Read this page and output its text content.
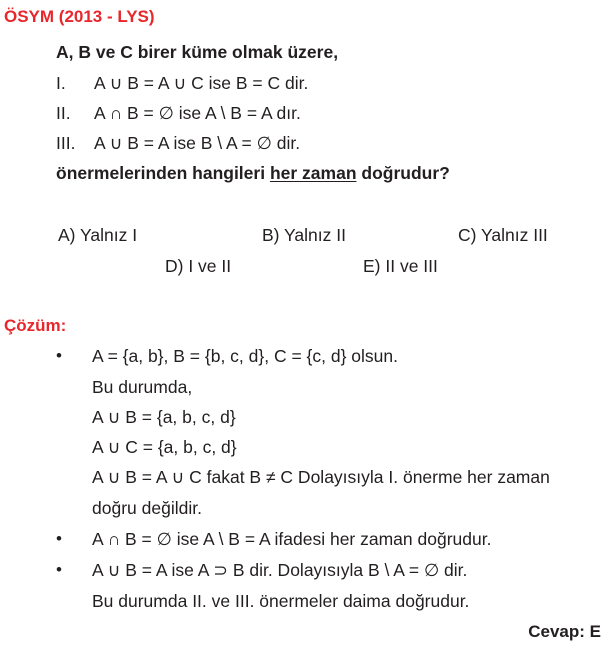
ÖSYM (2013 - LYS)
A, B ve C birer küme olmak üzere,
I. A ∪ B = A ∪ C ise B = C dir.
II. A ∩ B = ∅ ise A \ B = A dır.
III. A ∪ B = A ise B \ A = ∅ dir.
önermelerinden hangileri her zaman doğrudur?
A) Yalnız I	B) Yalnız II	C) Yalnız III
D) I ve II	E) II ve III
Çözüm:
• A = {a, b}, B = {b, c, d}, C = {c, d} olsun.
Bu durumda,
A ∪ B = {a, b, c, d}
A ∪ C = {a, b, c, d}
A ∪ B = A ∪ C fakat B ≠ C Dolayısıyla I. önerme her zaman
doğru değildir.
• A ∩ B = ∅ ise A \ B = A ifadesi her zaman doğrudur.
• A ∪ B = A ise A ⊃ B dir. Dolayısıyla B \ A = ∅ dir.
Bu durumda II. ve III. önermeler daima doğrudur.
Cevap: E
